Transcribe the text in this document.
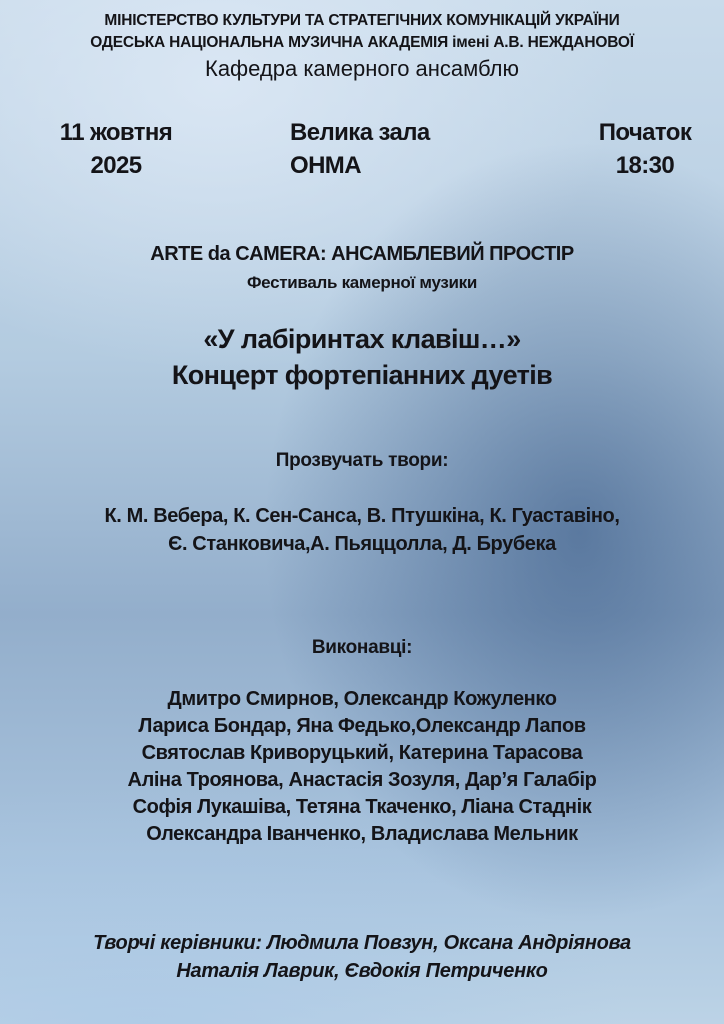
МІНІСТЕРСТВО КУЛЬТУРИ ТА СТРАТЕГІЧНИХ КОМУНІКАЦІЙ УКРАЇНИ
ОДЕСЬКА НАЦІОНАЛЬНА МУЗИЧНА АКАДЕМІЯ імені А.В. НЕЖДАНОВОЇ
Кафедра камерного ансамблю
11 жовтня
2025
Велика зала
ОНМА
Початок
18:30
ARTE da CAMERA: АНСАМБЛЕВИЙ ПРОСТІР
Фестиваль камерної музики
«У лабіринтах клавіш…»
Концерт фортепіанних дуетів
Прозвучать твори:
К. М. Вебера, К. Сен-Санса, В. Птушкіна, К. Гуаставіно,
Є. Станковича,А. Пьяццолла, Д. Брубека
Виконавці:
Дмитро Смирнов, Олександр Кожуленко
Лариса Бондар, Яна Федько,Олександр Лапов
Святослав Криворуцький, Катерина Тарасова
Аліна Троянова, Анастасія Зозуля, Дар’я Галабір
Софія Лукашіва, Тетяна Ткаченко, Ліана Стаднік
Олександра Іванченко, Владислава Мельник
Творчі керівники: Людмила Повзун, Оксана Андріянова
Наталія Лаврик, Євдокія Петриченко
